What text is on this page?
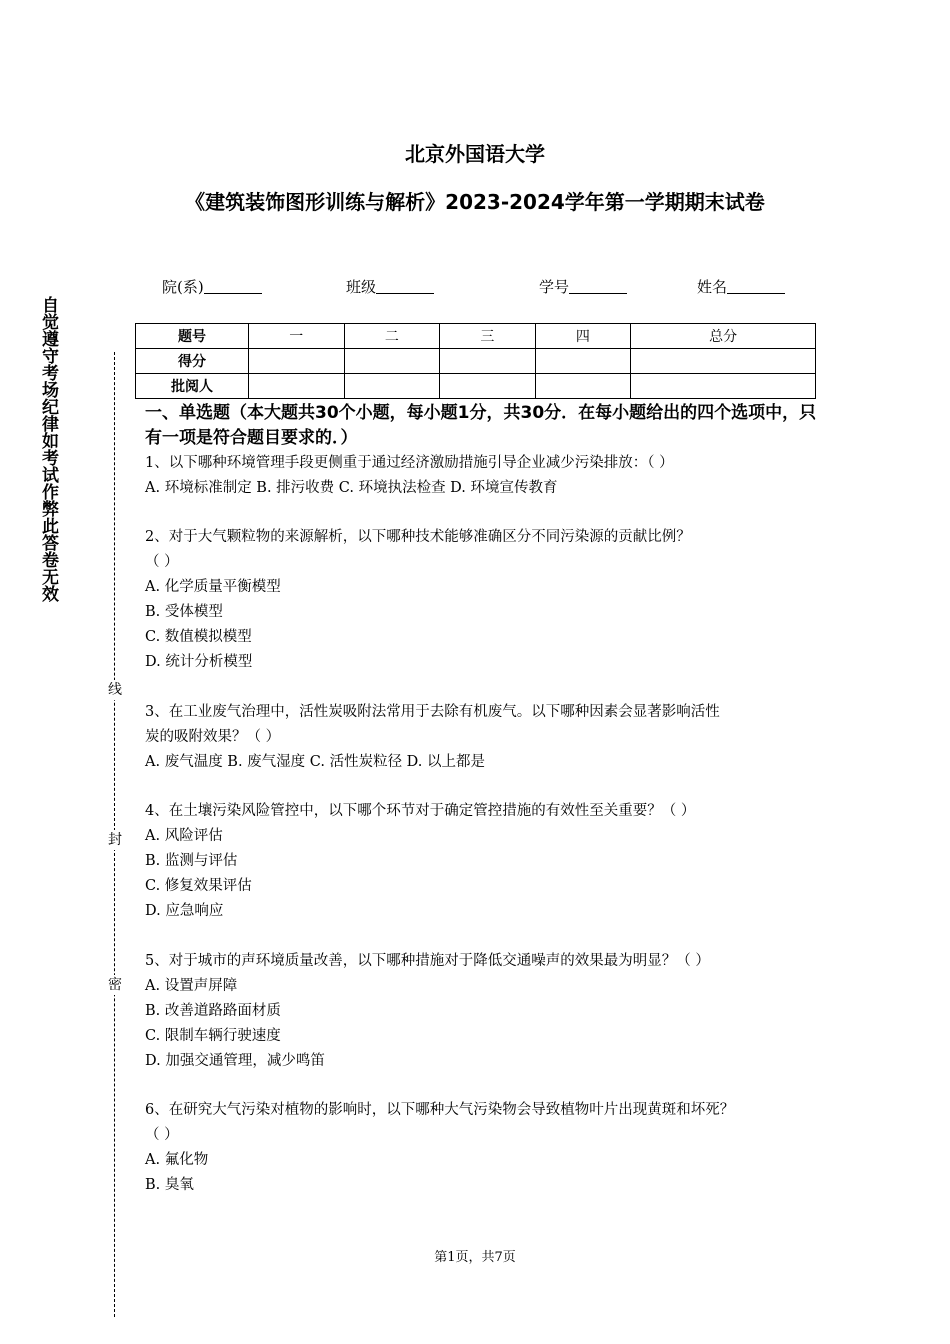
自觉遵守考场纪律如考试作弊此答卷无效
线
封
密
北京外国语大学
《建筑装饰图形训练与解析》2023-2024学年第一学期期末试卷
院(系)	班级	学号	姓名
题号	一	二	三	四	总分
得分					
批阅人					
一、单选题（本大题共30个小题，每小题1分，共30分．在每小题给出的四个选项中，只有一项是符合题目要求的．）
1、以下哪种环境管理手段更侧重于通过经济激励措施引导企业减少污染排放：（ ）
A. 环境标准制定 B. 排污收费 C. 环境执法检查 D. 环境宣传教育
2、对于大气颗粒物的来源解析，以下哪种技术能够准确区分不同污染源的贡献比例？
（ ）
A. 化学质量平衡模型
B. 受体模型
C. 数值模拟模型
D. 统计分析模型
3、在工业废气治理中，活性炭吸附法常用于去除有机废气。以下哪种因素会显著影响活性
炭的吸附效果？（ ）
A. 废气温度 B. 废气湿度 C. 活性炭粒径 D. 以上都是
4、在土壤污染风险管控中，以下哪个环节对于确定管控措施的有效性至关重要？（ ）
A. 风险评估
B. 监测与评估
C. 修复效果评估
D. 应急响应
5、对于城市的声环境质量改善，以下哪种措施对于降低交通噪声的效果最为明显？（ ）
A. 设置声屏障
B. 改善道路路面材质
C. 限制车辆行驶速度
D. 加强交通管理，减少鸣笛
6、在研究大气污染对植物的影响时，以下哪种大气污染物会导致植物叶片出现黄斑和坏死？
（ ）
A. 氟化物
B. 臭氧
第1页，共7页
